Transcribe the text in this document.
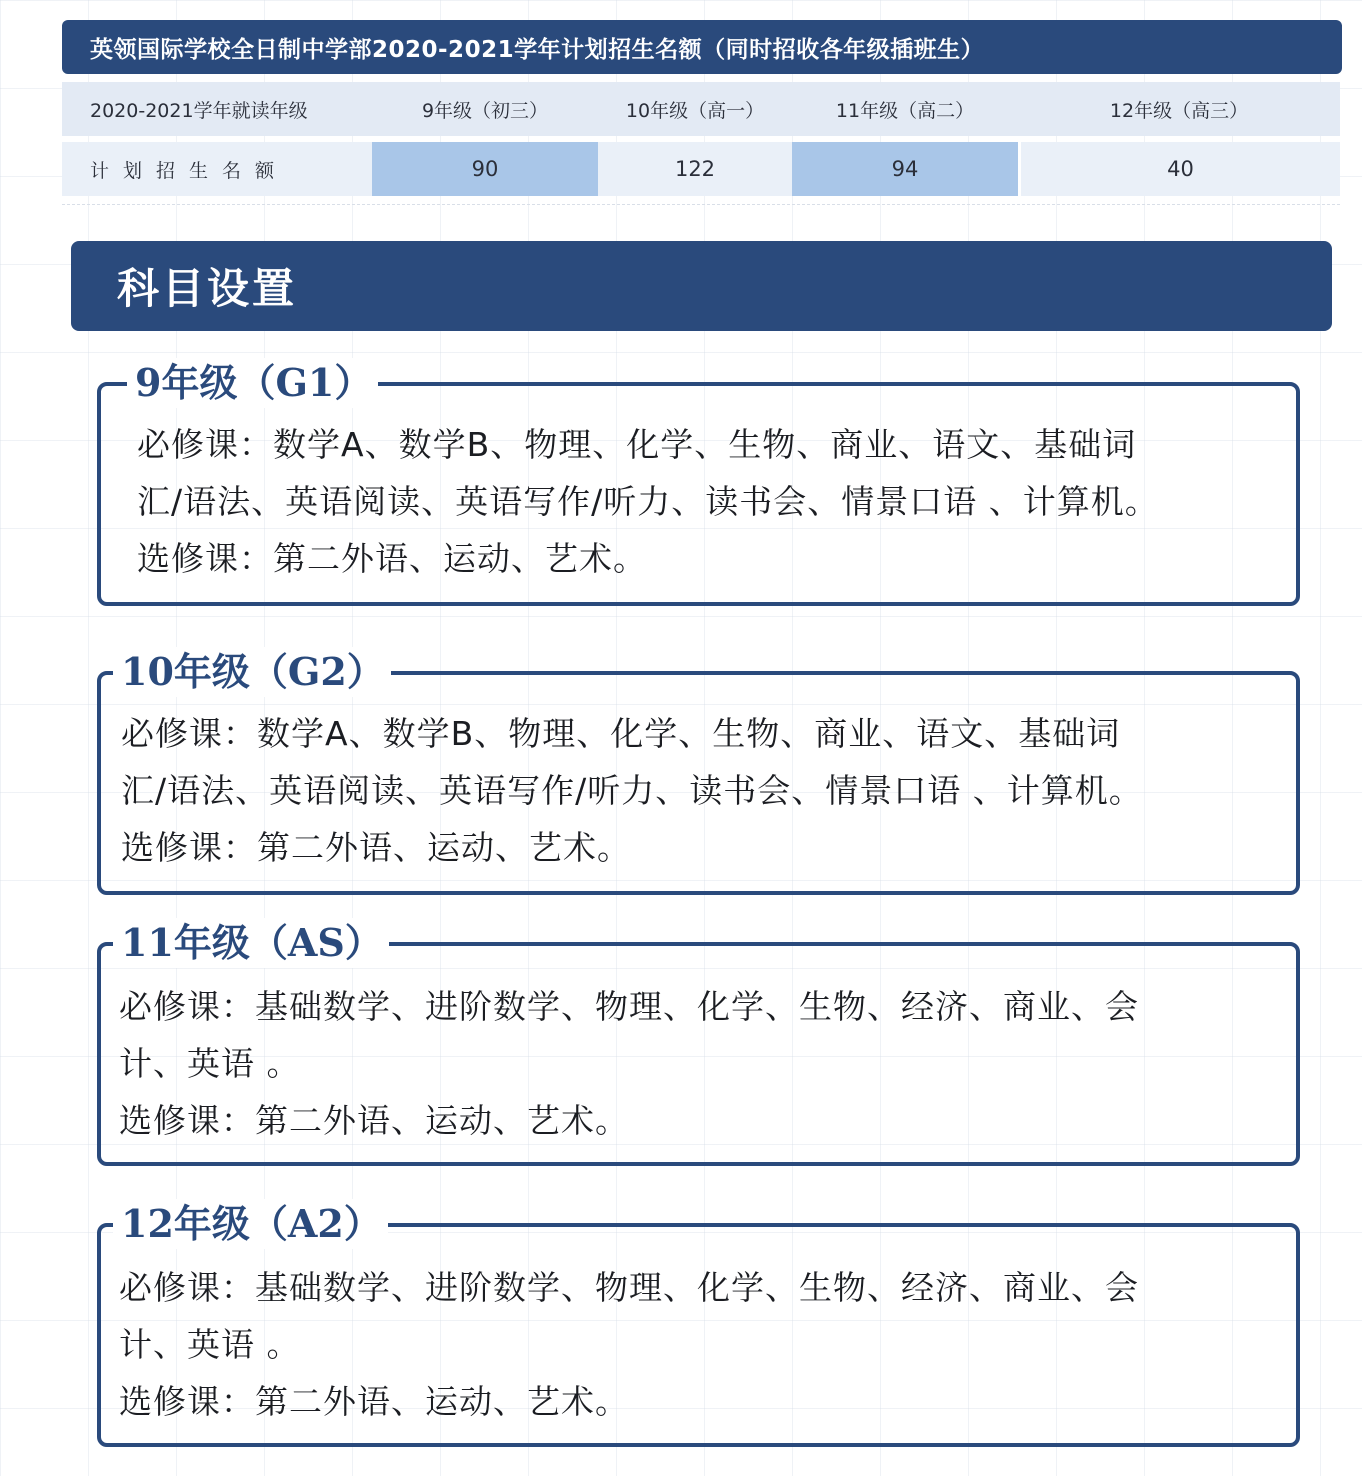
英领国际学校全日制中学部2020-2021学年计划招生名额（同时招收各年级插班生）
2020-2021学年就读年级	9年级（初三）	10年级（高一）	11年级（高二）	12年级（高三）
计划招生名额	90	122	94	40
科目设置
9年级（G1）

必修课：数学A、数学B、物理、化学、生物、商业、语文、基础词

汇/语法、英语阅读、英语写作/听力、读书会、情景口语 、计算机。

选修课：第二外语、运动、艺术。

10年级（G2）

必修课：数学A、数学B、物理、化学、生物、商业、语文、基础词

汇/语法、英语阅读、英语写作/听力、读书会、情景口语 、计算机。

选修课：第二外语、运动、艺术。

11年级（AS）

必修课：基础数学、进阶数学、物理、化学、生物、经济、商业、会

计、英语 。

选修课：第二外语、运动、艺术。

12年级（A2）

必修课：基础数学、进阶数学、物理、化学、生物、经济、商业、会

计、英语 。

选修课：第二外语、运动、艺术。
